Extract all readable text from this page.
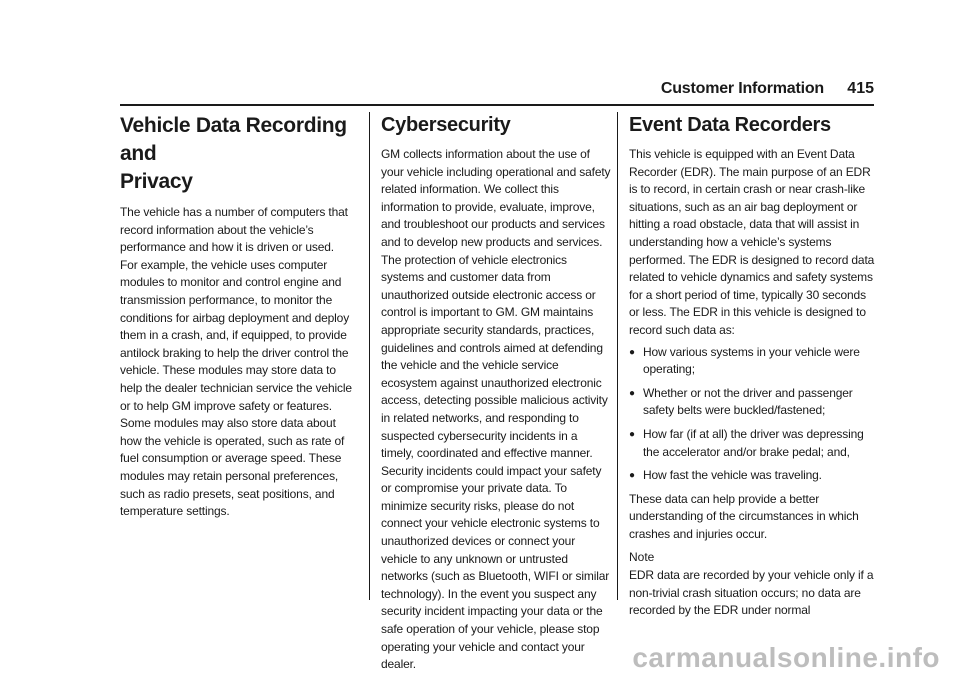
Customer Information 415
Vehicle Data Recording and
Privacy

The vehicle has a number of computers that record information about the vehicle’s performance and how it is driven or used. For example, the vehicle uses computer modules to monitor and control engine and transmission performance, to monitor the conditions for airbag deployment and deploy them in a crash, and, if equipped, to provide antilock braking to help the driver control the vehicle. These modules may store data to help the dealer technician service the vehicle or to help GM improve safety or features. Some modules may also store data about how the vehicle is operated, such as rate of fuel consumption or average speed. These modules may retain personal preferences, such as radio presets, seat positions, and temperature settings.

Cybersecurity

GM collects information about the use of your vehicle including operational and safety related information. We collect this information to provide, evaluate, improve, and troubleshoot our products and services and to develop new products and services. The protection of vehicle electronics systems and customer data from unauthorized outside electronic access or control is important to GM. GM maintains appropriate security standards, practices, guidelines and controls aimed at defending the vehicle and the vehicle service ecosystem against unauthorized electronic access, detecting possible malicious activity in related networks, and responding to suspected cybersecurity incidents in a timely, coordinated and effective manner. Security incidents could impact your safety or compromise your private data. To minimize security risks, please do not connect your vehicle electronic systems to unauthorized devices or connect your vehicle to any unknown or untrusted networks (such as Bluetooth, WIFI or similar technology). In the event you suspect any security incident impacting your data or the safe operation of your vehicle, please stop operating your vehicle and contact your dealer.

Event Data Recorders

This vehicle is equipped with an Event Data Recorder (EDR). The main purpose of an EDR is to record, in certain crash or near crash-like situations, such as an air bag deployment or hitting a road obstacle, data that will assist in understanding how a vehicle’s systems performed. The EDR is designed to record data related to vehicle dynamics and safety systems for a short period of time, typically 30 seconds or less. The EDR in this vehicle is designed to record such data as:

● How various systems in your vehicle were operating;
● Whether or not the driver and passenger safety belts were buckled/fastened;
● How far (if at all) the driver was depressing the accelerator and/or brake pedal; and,
● How fast the vehicle was traveling.

These data can help provide a better understanding of the circumstances in which crashes and injuries occur.

Note

EDR data are recorded by your vehicle only if a non-trivial crash situation occurs; no data are recorded by the EDR under normal

carmanualsonline.info
